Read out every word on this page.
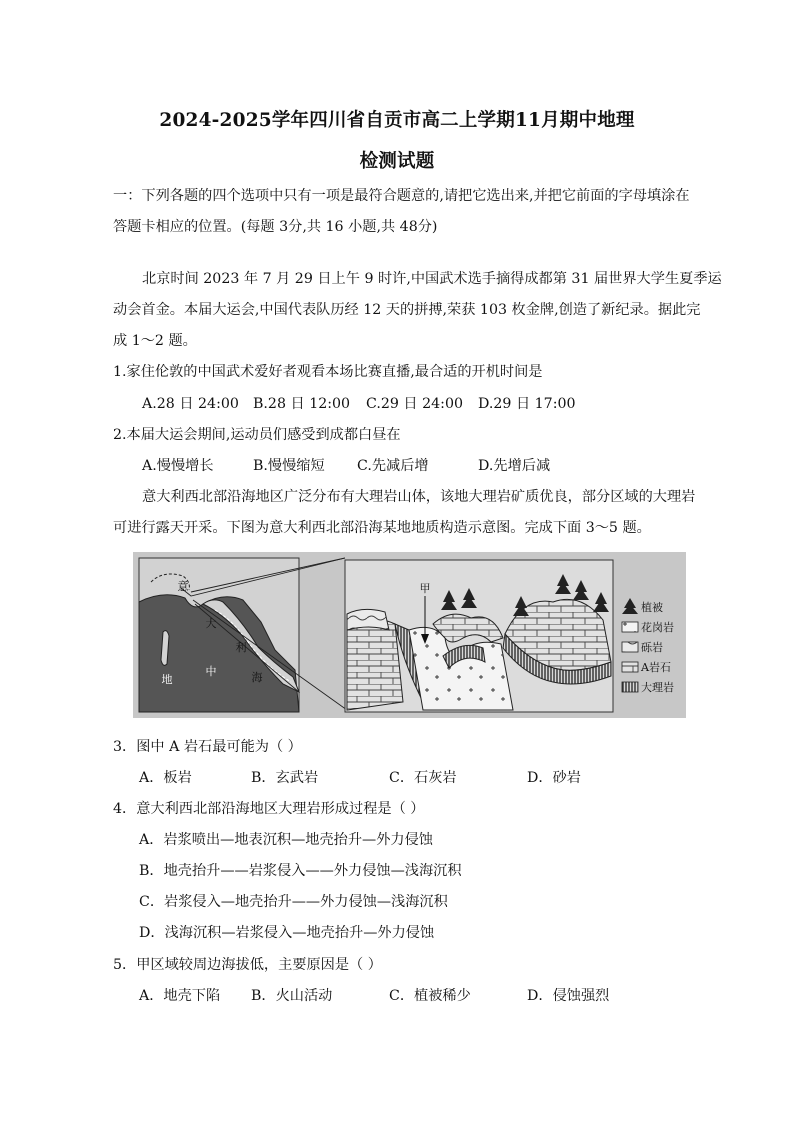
2024-2025学年四川省自贡市高二上学期11月期中地理
检测试题
一：下列各题的四个选项中只有一项是最符合题意的,请把它选出来,并把它前面的字母填涂在
答题卡相应的位置。(每题 3分,共 16 小题,共 48分)
北京时间 2023 年 7 月 29 日上午 9 时许,中国武术选手摘得成都第 31 届世界大学生夏季运
动会首金。本届大运会,中国代表队历经 12 天的拼搏,荣获 103 枚金牌,创造了新纪录。据此完
成 1～2 题。
1.家住伦敦的中国武术爱好者观看本场比赛直播,最合适的开机时间是
A.28 日 24:00 B.28 日 12:00 C.29 日 24:00 D.29 日 17:00
2.本届大运会期间,运动员们感受到成都白昼在
A.慢慢增长	B.慢慢缩短 C.先减后增	D.先增后减
意大利西北部沿海地区广泛分布有大理岩山体，该地大理岩矿质优良，部分区域的大理岩
可进行露天开采。下图为意大利西北部沿海某地地质构造示意图。完成下面 3～5 题。
意
大
利
地
中	海
甲
植被
花岗岩
砾岩
A岩石
大理岩
3．图中 A 岩石最可能为（ ）
A．板岩	B．玄武岩	C．石灰岩	D．砂岩
4．意大利西北部沿海地区大理岩形成过程是（ ）
A．岩浆喷出—地表沉积—地壳抬升—外力侵蚀
B．地壳抬升——岩浆侵入——外力侵蚀—浅海沉积
C．岩浆侵入—地壳抬升——外力侵蚀—浅海沉积
D．浅海沉积—岩浆侵入—地壳抬升—外力侵蚀
5．甲区域较周边海拔低，主要原因是（ ）
A．地壳下陷 B．火山活动	C．植被稀少	D．侵蚀强烈
